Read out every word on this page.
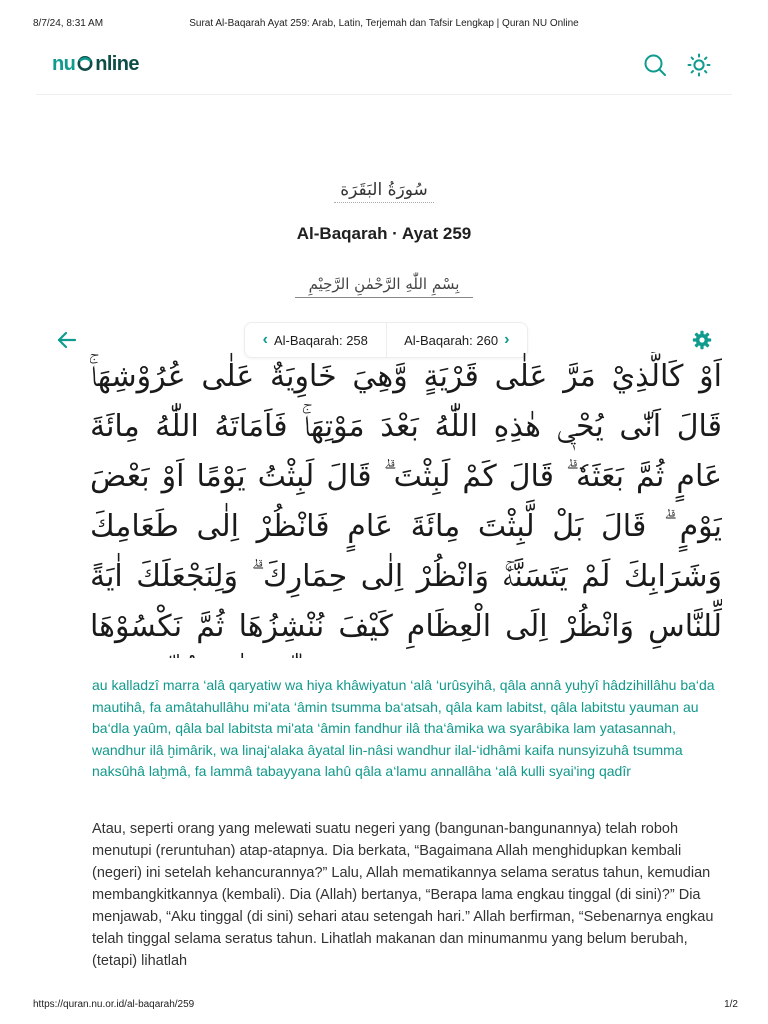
8/7/24, 8:31 AM	Surat Al-Baqarah Ayat 259: Arab, Latin, Terjemah dan Tafsir Lengkap | Quran NU Online
nu nline
سُورَةُ البَقَرَة
Al-Baqarah · Ayat 259
بِسْمِ اللّٰهِ الرَّحْمٰنِ الرَّحِيْمِ
‹ Al-Baqarah: 258	Al-Baqarah: 260 ›
اَوْ كَالَّذِيْ مَرَّ عَلٰى قَرْيَةٍ وَّهِيَ خَاوِيَةٌ عَلٰى عُرُوْشِهَاۚ قَالَ اَنّٰى يُحْيٖ هٰذِهِ اللّٰهُ بَعْدَ مَوْتِهَاۚ فَاَمَاتَهُ اللّٰهُ مِائَةَ عَامٍ ثُمَّ بَعَثَهٗ ۗ قَالَ كَمْ لَبِثْتَ ۗ قَالَ لَبِثْتُ يَوْمًا اَوْ بَعْضَ يَوْمٍ ۗ قَالَ بَلْ لَّبِثْتَ مِائَةَ عَامٍ فَانْظُرْ اِلٰى طَعَامِكَ وَشَرَابِكَ لَمْ يَتَسَنَّهْۚ وَانْظُرْ اِلٰى حِمَارِكَ ۗ وَلِنَجْعَلَكَ اٰيَةً لِّلنَّاسِ وَانْظُرْ اِلَى الْعِظَامِ كَيْفَ نُنْشِزُهَا ثُمَّ نَكْسُوْهَا

au kalladzî marra ‘alâ qaryatiw wa hiya khâwiyatun ‘alâ ‘urûsyihâ, qâla annâ yuḫyî hâdzihillâhu ba‘da mautihâ, fa amâtahullâhu mi'ata ‘âmin tsumma ba‘atsah, qâla kam labitst, qâla labitstu yauman au ba‘dla yaûm, qâla bal labitsta mi'ata ‘âmin fandhur ilâ tha‘âmika wa syarâbika lam yatasannah, wandhur ilâ ḫimârik, wa linaj‘alaka âyatal lin-nâsi wandhur ilal-‘idhâmi kaifa nunsyizuhâ tsumma naksûhâ laḫmâ, fa lammâ tabayyana lahû qâla a‘lamu annallâha ‘alâ kulli syai'ing qadîr

Atau, seperti orang yang melewati suatu negeri yang (bangunan-bangunannya) telah roboh menutupi (reruntuhan) atap-atapnya. Dia berkata, “Bagaimana Allah menghidupkan kembali (negeri) ini setelah kehancurannya?” Lalu, Allah mematikannya selama seratus tahun, kemudian membangkitkannya (kembali). Dia (Allah) bertanya, “Berapa lama engkau tinggal (di sini)?” Dia menjawab, “Aku tinggal (di sini) sehari atau setengah hari.” Allah berfirman, “Sebenarnya engkau telah tinggal selama seratus tahun. Lihatlah makanan dan minumanmu yang belum berubah, (tetapi) lihatlah

https://quran.nu.or.id/al-baqarah/259	1/2
